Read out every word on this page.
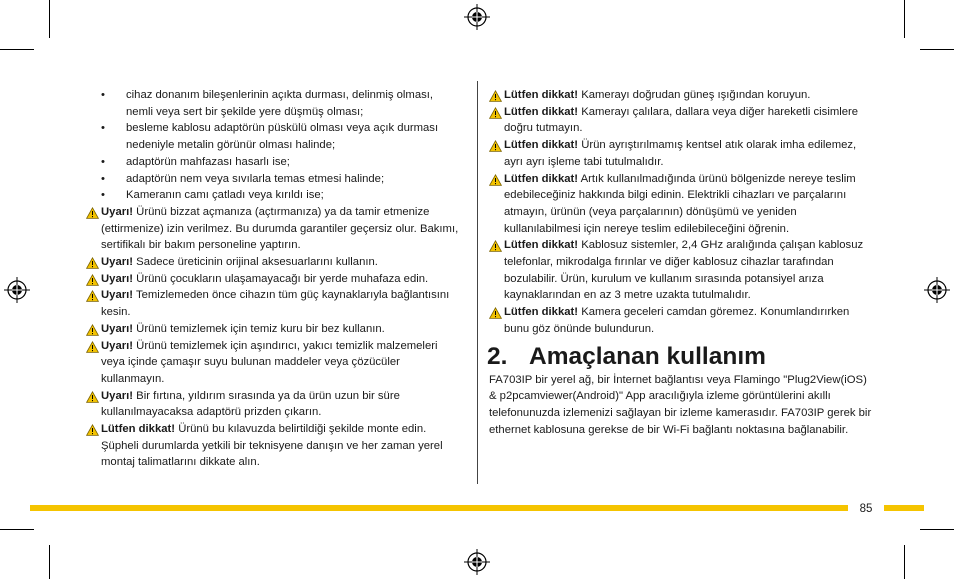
• cihaz donanım bileşenlerinin açıkta durması, delinmiş olması, nemli veya sert bir şekilde yere düşmüş olması;
• besleme kablosu adaptörün püskülü olması veya açık durması nedeniyle metalin görünür olması halinde;
• adaptörün mahfazası hasarlı ise;
• adaptörün nem veya sıvılarla temas etmesi halinde;
• Kameranın camı çatladı veya kırıldı ise;
Uyarı! Ürünü bizzat açmanıza (açtırmanıza) ya da tamir etmenize (ettirmenize) izin verilmez. Bu durumda garantiler geçersiz olur. Bakımı, sertifikalı bir bakım personeline yaptırın.
Uyarı! Sadece üreticinin orijinal aksesuarlarını kullanın.
Uyarı! Ürünü çocukların ulaşamayacağı bir yerde muhafaza edin.
Uyarı! Temizlemeden önce cihazın tüm güç kaynaklarıyla bağlantısını kesin.
Uyarı! Ürünü temizlemek için temiz kuru bir bez kullanın.
Uyarı! Ürünü temizlemek için aşındırıcı, yakıcı temizlik malzemeleri veya içinde çamaşır suyu bulunan maddeler veya çözücüler kullanmayın.
Uyarı! Bir fırtına, yıldırım sırasında ya da ürün uzun bir süre kullanılmayacaksa adaptörü prizden çıkarın.
Lütfen dikkat! Ürünü bu kılavuzda belirtildiği şekilde monte edin. Şüpheli durumlarda yetkili bir teknisyene danışın ve her zaman yerel montaj talimatlarını dikkate alın.
Lütfen dikkat! Kamerayı doğrudan güneş ışığından koruyun.
Lütfen dikkat! Kamerayı çalılara, dallara veya diğer hareketli cisimlere doğru tutmayın.
Lütfen dikkat! Ürün ayrıştırılmamış kentsel atık olarak imha edilemez, ayrı ayrı işleme tabi tutulmalıdır.
Lütfen dikkat! Artık kullanılmadığında ürünü bölgenizde nereye teslim edebileceğiniz hakkında bilgi edinin. Elektrikli cihazları ve parçalarını atmayın, ürünün (veya parçalarının) dönüşümü ve yeniden kullanılabilmesi için nereye teslim edilebileceğini öğrenin.
Lütfen dikkat! Kablosuz sistemler, 2,4 GHz aralığında çalışan kablosuz telefonlar, mikrodalga fırınlar ve diğer kablosuz cihazlar tarafından bozulabilir. Ürün, kurulum ve kullanım sırasında potansiyel arıza kaynaklarından en az 3 metre uzakta tutulmalıdır.
Lütfen dikkat! Kamera geceleri camdan göremez. Konumlandırırken bunu göz önünde bulundurun.
2. Amaçlanan kullanım
FA703IP bir yerel ağ, bir İnternet bağlantısı veya Flamingo "Plug2View(iOS) & p2pcamviewer(Android)" App aracılığıyla izleme görüntülerini akıllı telefonunuzda izlemenizi sağlayan bir izleme kamerasıdır. FA703IP gerek bir ethernet kablosuna gerekse de bir Wi-Fi bağlantı noktasına bağlanabilir.
85
